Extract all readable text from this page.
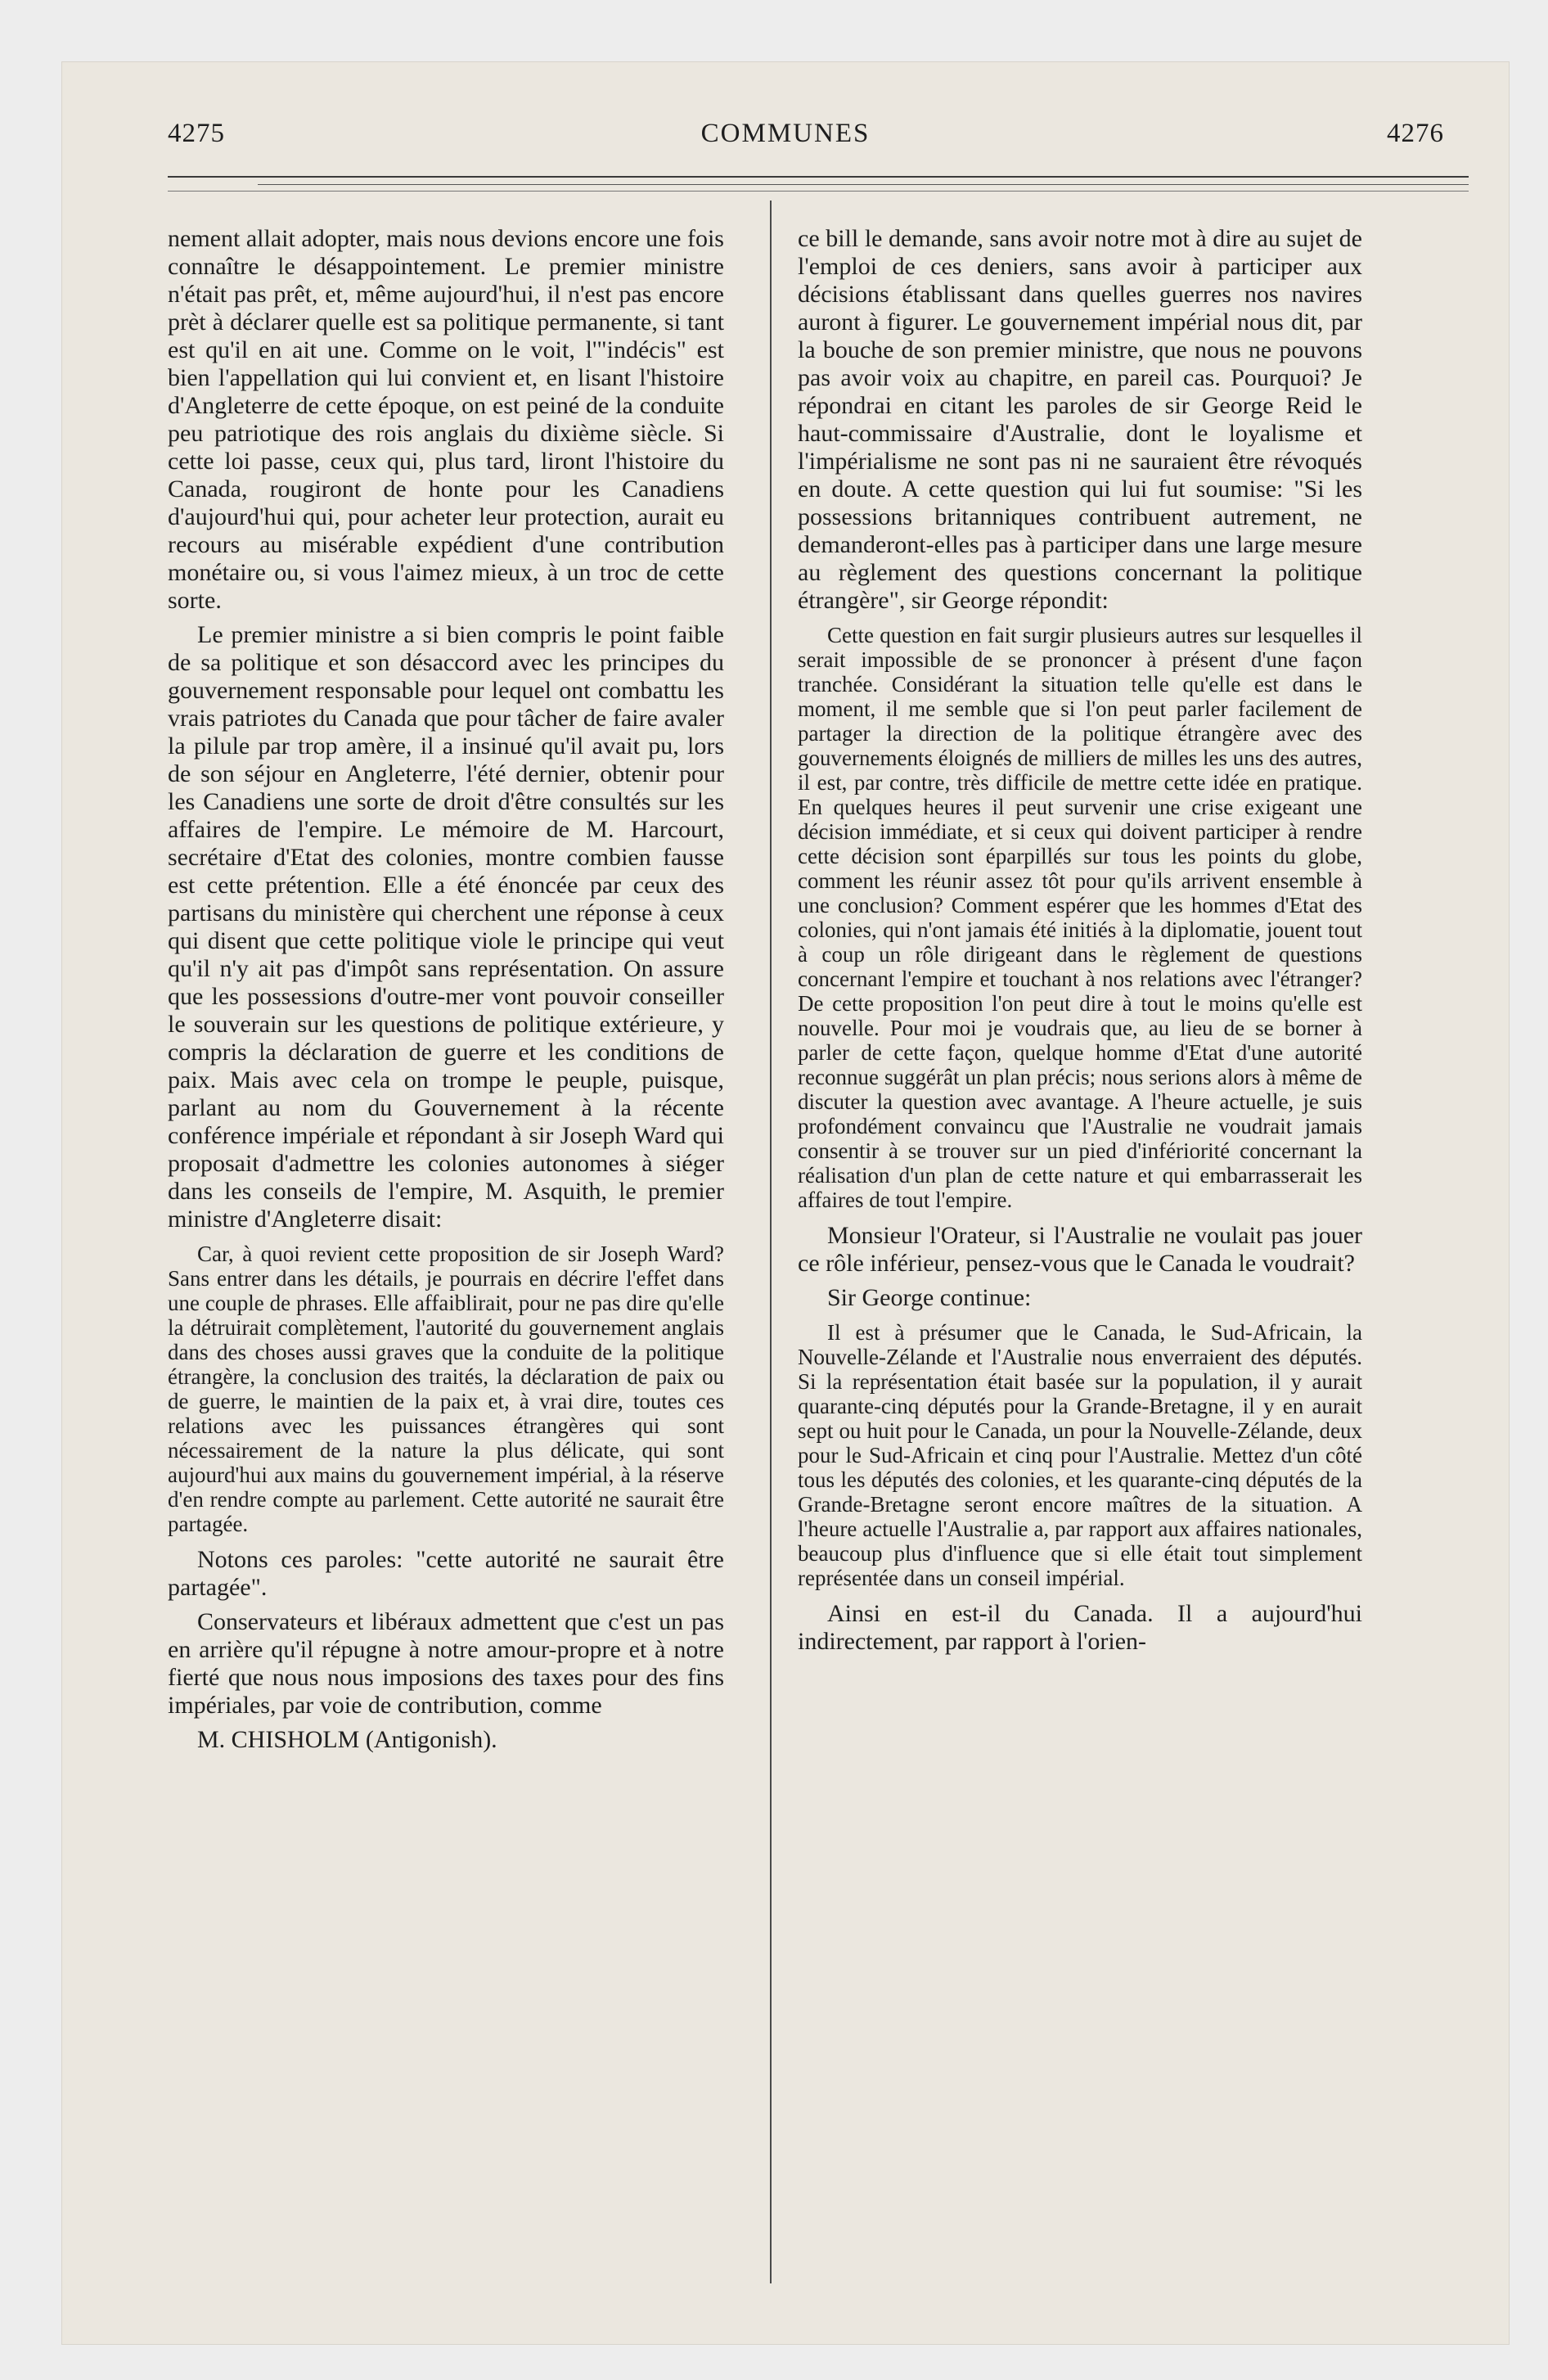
4275	COMMUNES	4276

nement allait adopter, mais nous devions encore une fois connaître le désappointement. Le premier ministre n'était pas prêt, et, même aujourd'hui, il n'est pas encore prèt à déclarer quelle est sa politique permanente, si tant est qu'il en ait une. Comme on le voit, l'"indécis" est bien l'appellation qui lui convient et, en lisant l'histoire d'Angleterre de cette époque, on est peiné de la conduite peu patriotique des rois anglais du dixième siècle. Si cette loi passe, ceux qui, plus tard, liront l'histoire du Canada, rougiront de honte pour les Canadiens d'aujourd'hui qui, pour acheter leur protection, aurait eu recours au misérable expédient d'une contribution monétaire ou, si vous l'aimez mieux, à un troc de cette sorte.

Le premier ministre a si bien compris le point faible de sa politique et son désaccord avec les principes du gouvernement responsable pour lequel ont combattu les vrais patriotes du Canada que pour tâcher de faire avaler la pilule par trop amère, il a insinué qu'il avait pu, lors de son séjour en Angleterre, l'été dernier, obtenir pour les Canadiens une sorte de droit d'être consultés sur les affaires de l'empire. Le mémoire de M. Harcourt, secrétaire d'Etat des colonies, montre combien fausse est cette prétention. Elle a été énoncée par ceux des partisans du ministère qui cherchent une réponse à ceux qui disent que cette politique viole le principe qui veut qu'il n'y ait pas d'impôt sans représentation. On assure que les possessions d'outre-mer vont pouvoir conseiller le souverain sur les questions de politique extérieure, y compris la déclaration de guerre et les conditions de paix. Mais avec cela on trompe le peuple, puisque, parlant au nom du Gouvernement à la récente conférence impériale et répondant à sir Joseph Ward qui proposait d'admettre les colonies autonomes à siéger dans les conseils de l'empire, M. Asquith, le premier ministre d'Angleterre disait:

Car, à quoi revient cette proposition de sir Joseph Ward? Sans entrer dans les détails, je pourrais en décrire l'effet dans une couple de phrases. Elle affaiblirait, pour ne pas dire qu'elle la détruirait complètement, l'autorité du gouvernement anglais dans des choses aussi graves que la conduite de la politique étrangère, la conclusion des traités, la déclaration de paix ou de guerre, le maintien de la paix et, à vrai dire, toutes ces relations avec les puissances étrangères qui sont nécessairement de la nature la plus délicate, qui sont aujourd'hui aux mains du gouvernement impérial, à la réserve d'en rendre compte au parlement. Cette autorité ne saurait être partagée.

Notons ces paroles: "cette autorité ne saurait être partagée".

Conservateurs et libéraux admettent que c'est un pas en arrière qu'il répugne à notre amour-propre et à notre fierté que nous nous imposions des taxes pour des fins impériales, par voie de contribution, comme

M. CHISHOLM (Antigonish).

ce bill le demande, sans avoir notre mot à dire au sujet de l'emploi de ces deniers, sans avoir à participer aux décisions établissant dans quelles guerres nos navires auront à figurer. Le gouvernement impérial nous dit, par la bouche de son premier ministre, que nous ne pouvons pas avoir voix au chapitre, en pareil cas. Pourquoi? Je répondrai en citant les paroles de sir George Reid le haut-commissaire d'Australie, dont le loyalisme et l'impérialisme ne sont pas ni ne sauraient être révoqués en doute. A cette question qui lui fut soumise: "Si les possessions britanniques contribuent autrement, ne demanderont-elles pas à participer dans une large mesure au règlement des questions concernant la politique étrangère", sir George répondit:

Cette question en fait surgir plusieurs autres sur lesquelles il serait impossible de se prononcer à présent d'une façon tranchée. Considérant la situation telle qu'elle est dans le moment, il me semble que si l'on peut parler facilement de partager la direction de la politique étrangère avec des gouvernements éloignés de milliers de milles les uns des autres, il est, par contre, très difficile de mettre cette idée en pratique. En quelques heures il peut survenir une crise exigeant une décision immédiate, et si ceux qui doivent participer à rendre cette décision sont éparpillés sur tous les points du globe, comment les réunir assez tôt pour qu'ils arrivent ensemble à une conclusion? Comment espérer que les hommes d'Etat des colonies, qui n'ont jamais été initiés à la diplomatie, jouent tout à coup un rôle dirigeant dans le règlement de questions concernant l'empire et touchant à nos relations avec l'étranger? De cette proposition l'on peut dire à tout le moins qu'elle est nouvelle. Pour moi je voudrais que, au lieu de se borner à parler de cette façon, quelque homme d'Etat d'une autorité reconnue suggérât un plan précis; nous serions alors à même de discuter la question avec avantage. A l'heure actuelle, je suis profondément convaincu que l'Australie ne voudrait jamais consentir à se trouver sur un pied d'infériorité concernant la réalisation d'un plan de cette nature et qui embarrasserait les affaires de tout l'empire.

Monsieur l'Orateur, si l'Australie ne voulait pas jouer ce rôle inférieur, pensez-vous que le Canada le voudrait?

Sir George continue:

Il est à présumer que le Canada, le Sud-Africain, la Nouvelle-Zélande et l'Australie nous enverraient des députés. Si la représentation était basée sur la population, il y aurait quarante-cinq députés pour la Grande-Bretagne, il y en aurait sept ou huit pour le Canada, un pour la Nouvelle-Zélande, deux pour le Sud-Africain et cinq pour l'Australie. Mettez d'un côté tous les députés des colonies, et les quarante-cinq députés de la Grande-Bretagne seront encore maîtres de la situation. A l'heure actuelle l'Australie a, par rapport aux affaires nationales, beaucoup plus d'influence que si elle était tout simplement représentée dans un conseil impérial.

Ainsi en est-il du Canada. Il a aujourd'hui indirectement, par rapport à l'orien-
